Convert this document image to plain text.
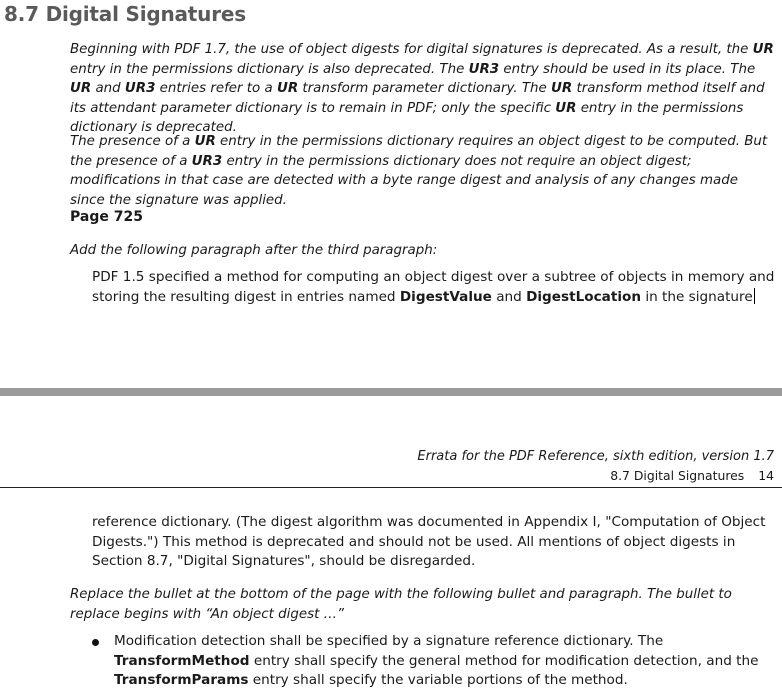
8.7 Digital Signatures
Beginning with PDF 1.7, the use of object digests for digital signatures is deprecated. As a result, the UR entry in the permissions dictionary is also deprecated. The UR3 entry should be used in its place. The UR and UR3 entries refer to a UR transform parameter dictionary. The UR transform method itself and its attendant parameter dictionary is to remain in PDF; only the specific UR entry in the permissions dictionary is deprecated.
The presence of a UR entry in the permissions dictionary requires an object digest to be computed. But the presence of a UR3 entry in the permissions dictionary does not require an object digest; modifications in that case are detected with a byte range digest and analysis of any changes made since the signature was applied.
Page 725
Add the following paragraph after the third paragraph:
PDF 1.5 specified a method for computing an object digest over a subtree of objects in memory and storing the resulting digest in entries named DigestValue and DigestLocation in the signature
Errata for the PDF Reference, sixth edition, version 1.7
8.7 Digital Signatures 14
reference dictionary. (The digest algorithm was documented in Appendix I, "Computation of Object Digests.") This method is deprecated and should not be used. All mentions of object digests in Section 8.7, "Digital Signatures", should be disregarded.
Replace the bullet at the bottom of the page with the following bullet and paragraph. The bullet to replace begins with “An object digest …”
Modification detection shall be specified by a signature reference dictionary. The TransformMethod entry shall specify the general method for modification detection, and the TransformParams entry shall specify the variable portions of the method.
